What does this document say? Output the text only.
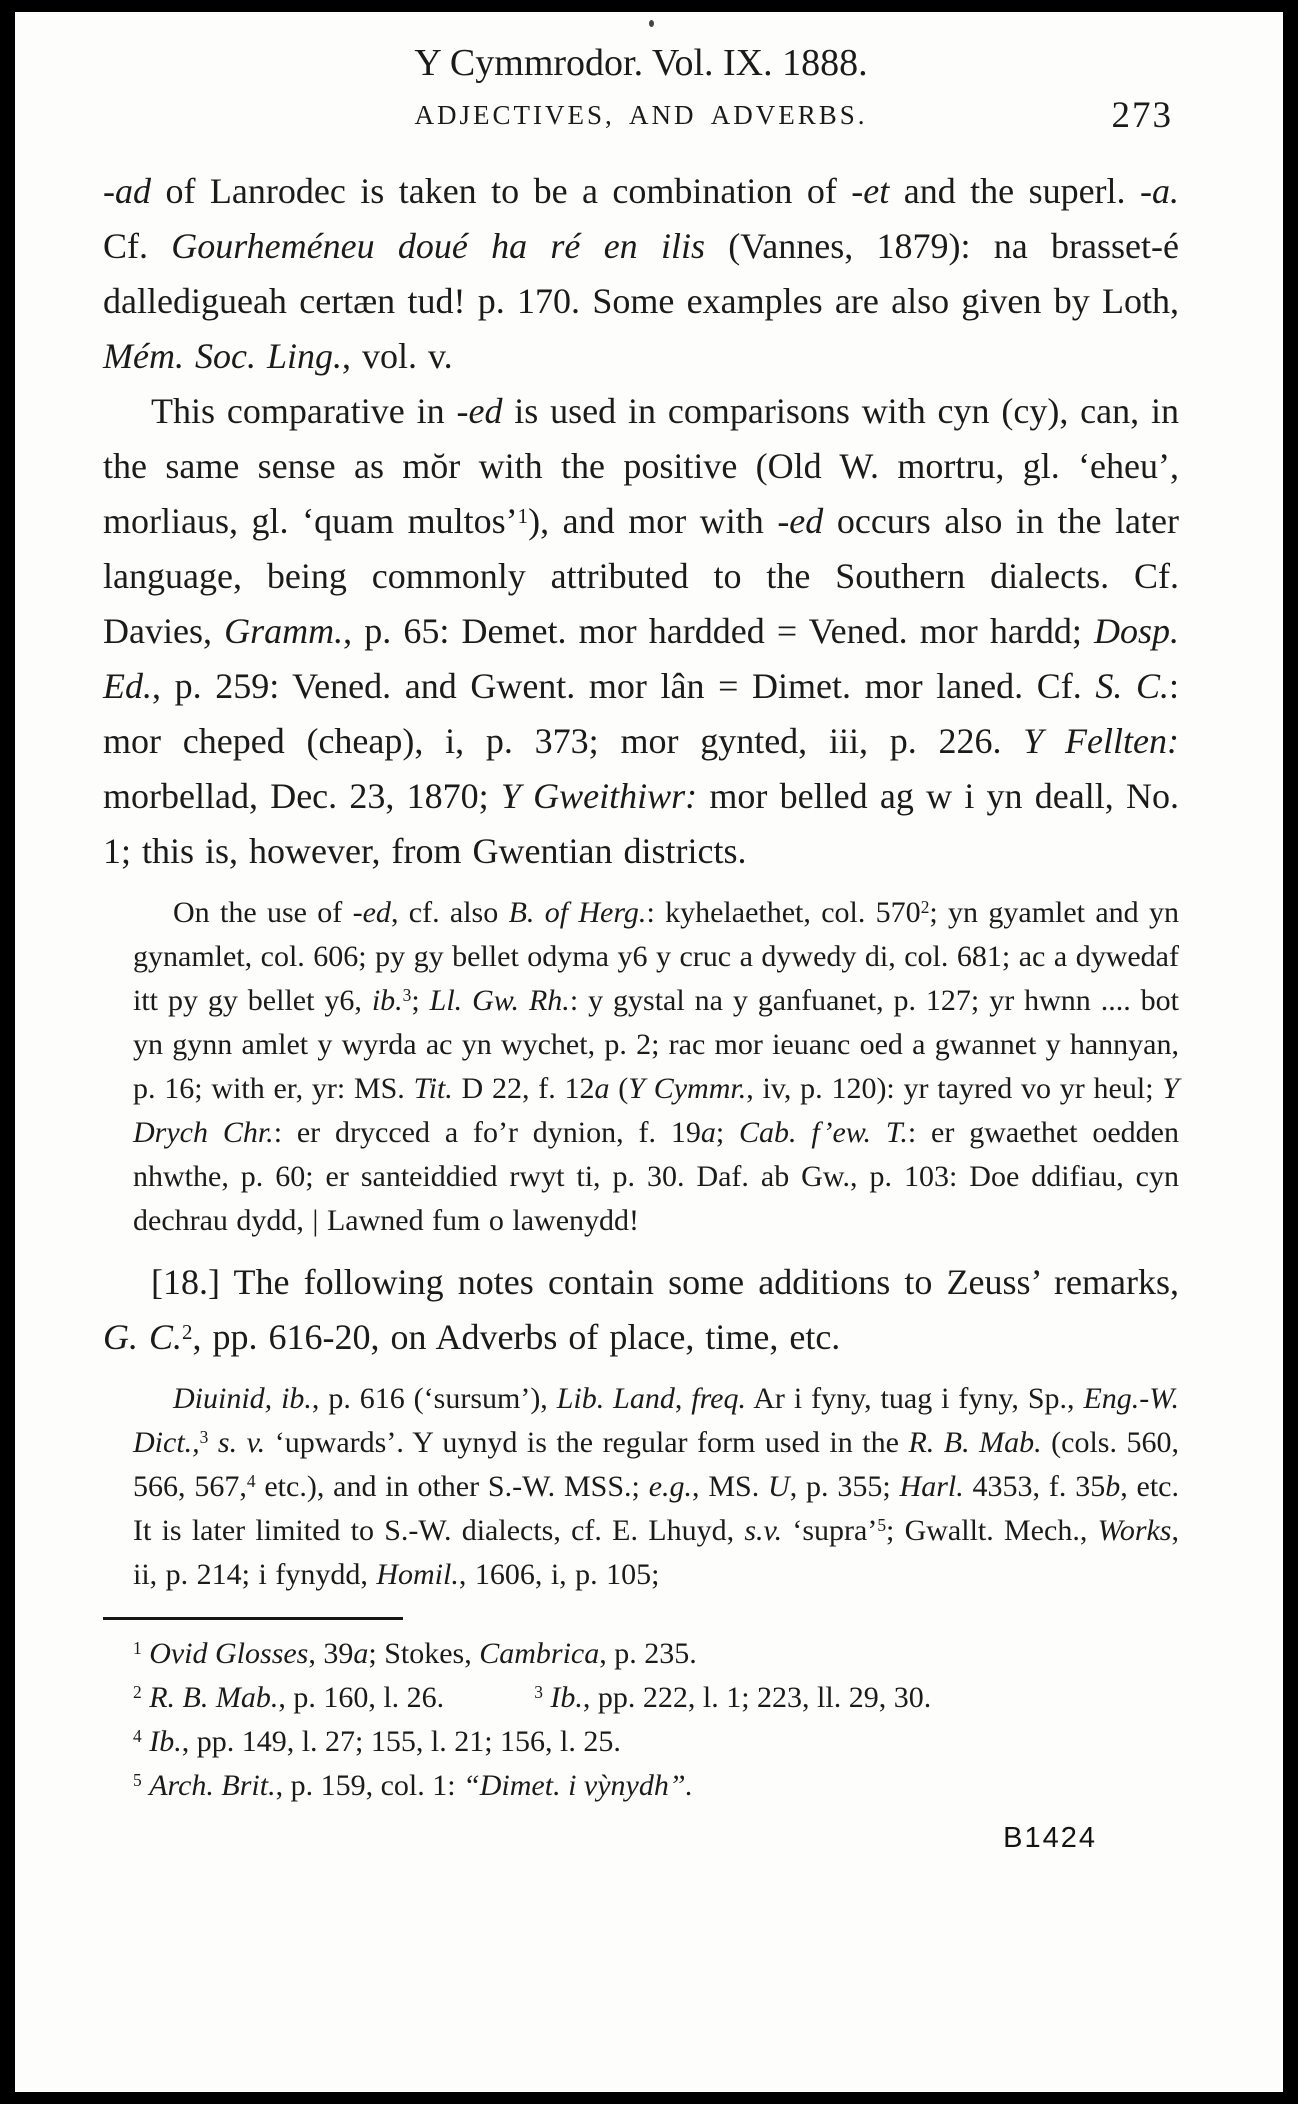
Y Cymmrodor. Vol. IX. 1888.
ADJECTIVES, AND ADVERBS.	273

-ad of Lanrodec is taken to be a combination of -et and the superl. -a. Cf. Gourheméneu doué ha ré en ilis (Vannes, 1879): na brasset-é dalledigueah certæn tud! p. 170. Some examples are also given by Loth, Mém. Soc. Ling., vol. v.

This comparative in -ed is used in comparisons with cyn (cy), can, in the same sense as mŏr with the positive (Old W. mortru, gl. ‘eheu’, morliaus, gl. ‘quam multos’$^1$), and mor with -ed occurs also in the later language, being commonly attributed to the Southern dialects. Cf. Davies, Gramm., p. 65: Demet. mor hardded = Vened. mor hardd; Dosp. Ed., p. 259: Vened. and Gwent. mor lân = Dimet. mor laned. Cf. S. C.: mor cheped (cheap), i, p. 373; mor gynted, iii, p. 226. Y Fellten: morbellad, Dec. 23, 1870; Y Gweithiwr: mor belled ag w i yn deall, No. 1; this is, however, from Gwentian districts.

On the use of -ed, cf. also B. of Herg.: kyhelaethet, col. $570^2$; yn gyamlet and yn gynamlet, col. 606; py gy bellet odyma y6 y cruc a dywedy di, col. 681; ac a dywedaf itt py gy bellet y6, ib.$^3$; Ll. Gw. Rh.: y gystal na y ganfuanet, p. 127; yr hwnn .... bot yn gynn amlet y wyrda ac yn wychet, p. 2; rac mor ieuanc oed a gwannet y hannyan, p. 16; with er, yr: MS. Tit. D 22, f. 12a (Y Cymmr., iv, p. 120): yr tayred vo yr heul; Y Drych Chr.: er drycced a fo’r dynion, f. 19a; Cab. f’ew. T.: er gwaethet oedden nhwthe, p. 60; er santeiddied rwyt ti, p. 30. Daf. ab Gw., p. 103: Doe ddifiau, cyn dechrau dydd, | Lawned fum o lawenydd!

[18.] The following notes contain some additions to Zeuss’ remarks, G. C.$^2$, pp. 616-20, on Adverbs of place, time, etc.

Diuinid, ib., p. 616 (‘sursum’), Lib. Land, freq. Ar i fyny, tuag i fyny, Sp., Eng.-W. Dict.,$^3$ s. v. ‘upwards’. Y uynyd is the regular form used in the R. B. Mab. (cols. 560, 566, 567,$^4$ etc.), and in other S.-W. MSS.; e.g., MS. U, p. 355; Harl. 4353, f. 35b, etc. It is later limited to S.-W. dialects, cf. E. Lhuyd, s.v. ‘supra’$^5$; Gwallt. Mech., Works, ii, p. 214; i fynydd, Homil., 1606, i, p. 105;

$^1$ Ovid Glosses, 39a; Stokes, Cambrica, p. 235.
$^2$ R. B. Mab., p. 160, l. 26.	$^3$ Ib., pp. 222, l. 1; 223, ll. 29, 30.
$^4$ Ib., pp. 149, l. 27; 155, l. 21; 156, l. 25.
$^5$ Arch. Brit., p. 159, col. 1: “Dimet. i vỳnydh”.
B1424
